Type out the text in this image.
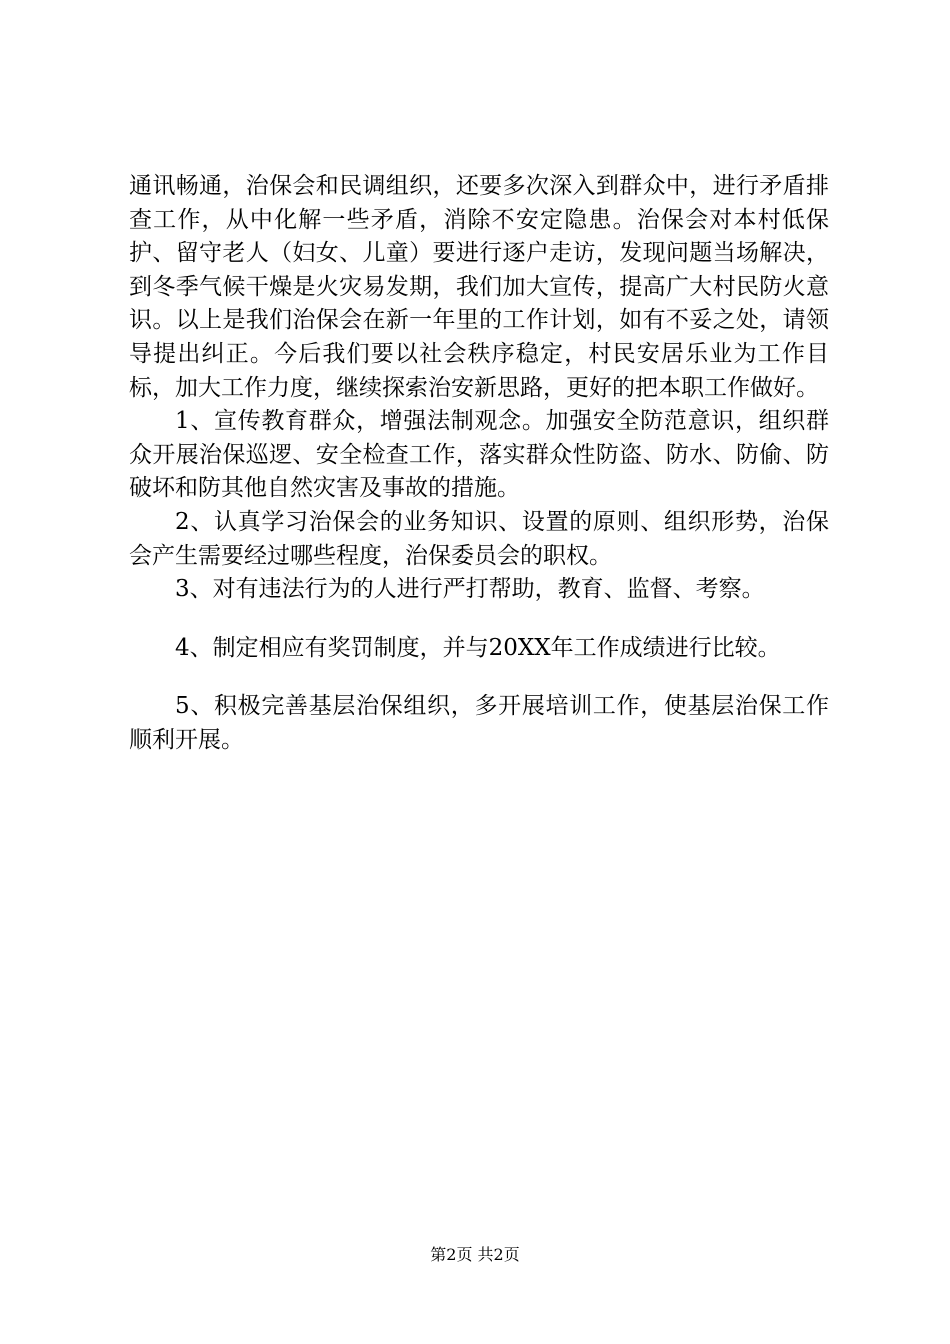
通讯畅通，治保会和民调组织，还要多次深入到群众中，进行矛盾排查工作，从中化解一些矛盾，消除不安定隐患。治保会对本村低保护、留守老人（妇女、儿童）要进行逐户走访，发现问题当场解决，到冬季气候干燥是火灾易发期，我们加大宣传，提高广大村民防火意识。以上是我们治保会在新一年里的工作计划，如有不妥之处，请领导提出纠正。今后我们要以社会秩序稳定，村民安居乐业为工作目标，加大工作力度，继续探索治安新思路，更好的把本职工作做好。

1、宣传教育群众，增强法制观念。加强安全防范意识，组织群众开展治保巡逻、安全检查工作，落实群众性防盗、防水、防偷、防破坏和防其他自然灾害及事故的措施。

2、认真学习治保会的业务知识、设置的原则、组织形势，治保会产生需要经过哪些程度，治保委员会的职权。

3、对有违法行为的人进行严打帮助，教育、监督、考察。

4、制定相应有奖罚制度，并与20XX年工作成绩进行比较。

5、积极完善基层治保组织，多开展培训工作，使基层治保工作顺利开展。

第2页 共2页
